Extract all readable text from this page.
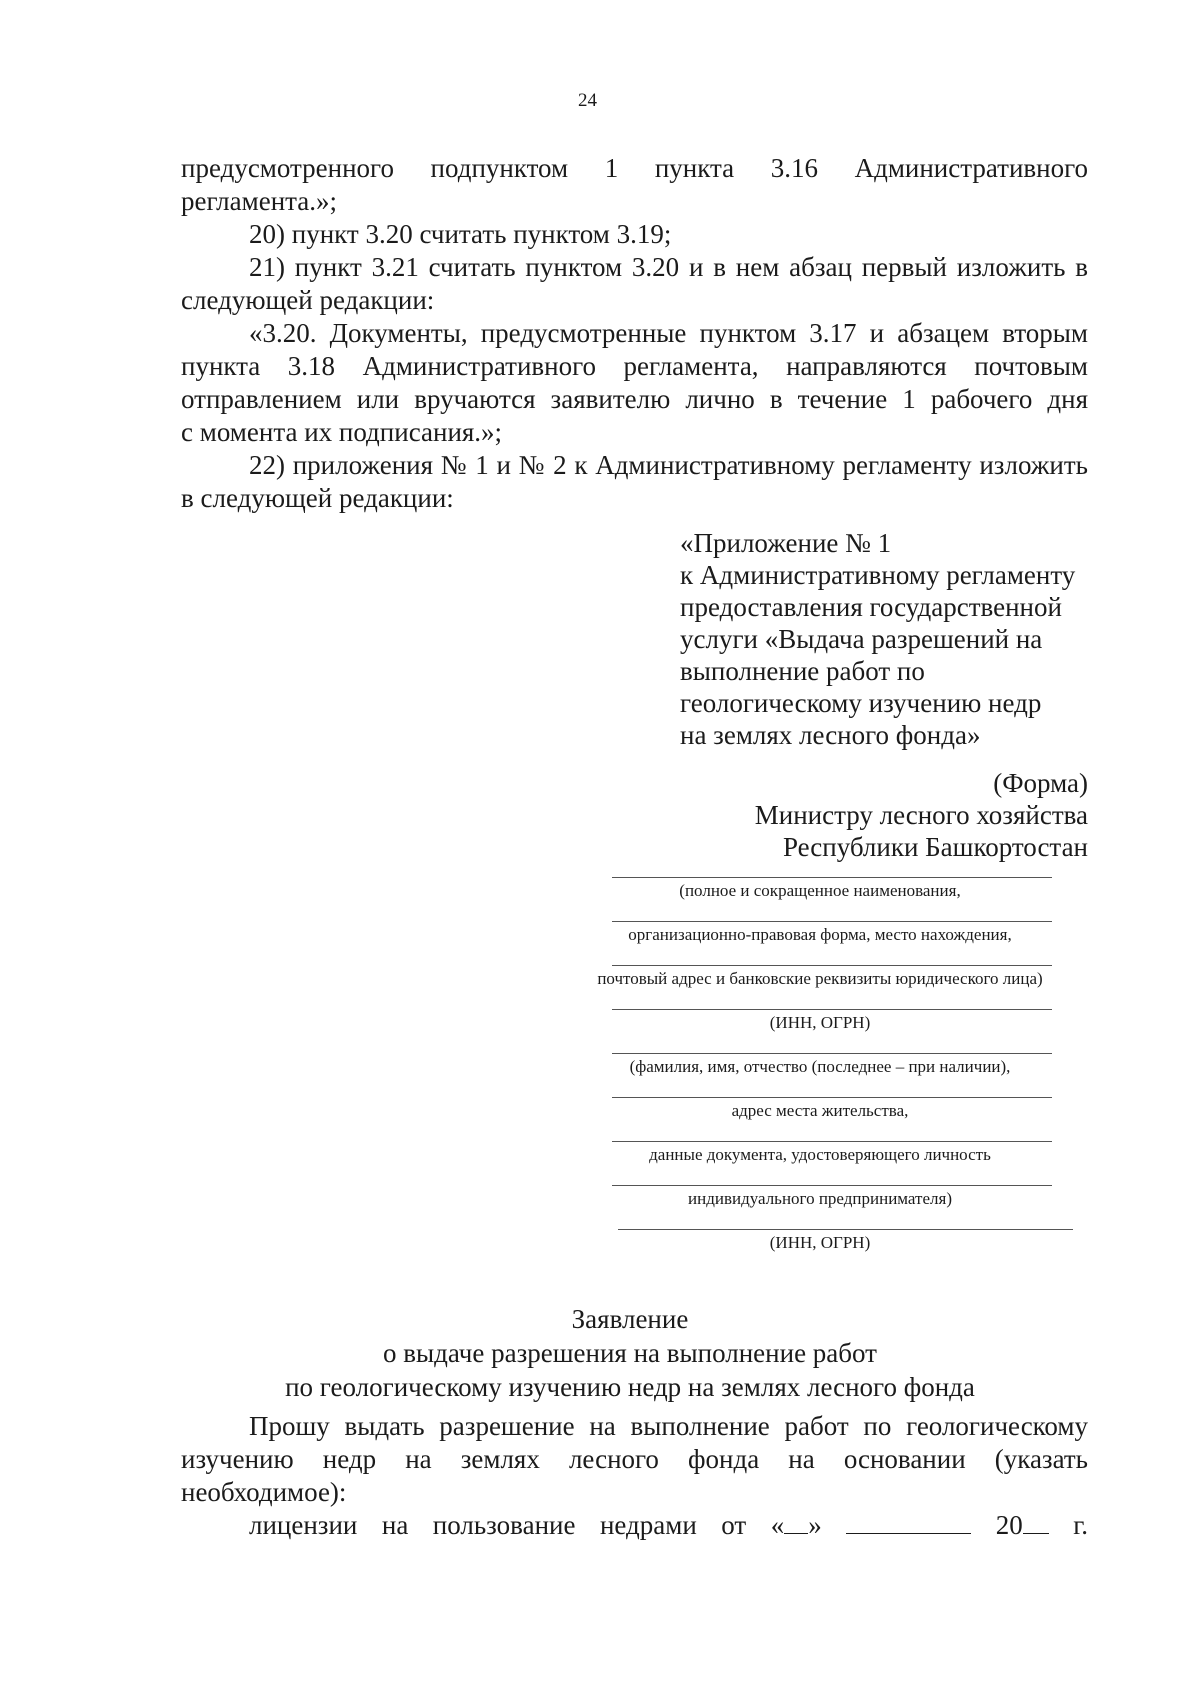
24

предусмотренного подпунктом 1 пункта 3.16 Административного

регламента.»;

20) пункт 3.20 считать пунктом 3.19;

21) пункт 3.21 считать пунктом 3.20 и в нем абзац первый изложить в

следующей редакции:

«3.20. Документы, предусмотренные пунктом 3.17 и абзацем вторым

пункта 3.18 Административного регламента, направляются почтовым

отправлением или вручаются заявителю лично в течение 1 рабочего дня

с момента их подписания.»;

22) приложения № 1 и № 2 к Административному регламенту изложить

в следующей редакции:

«Приложение № 1
к Административному регламенту
предоставления государственной
услуги «Выдача разрешений на
выполнение работ по
геологическому изучению недр
на землях лесного фонда»
(Форма)
Министру лесного хозяйства
Республики Башкортостан
(полное и сокращенное наименования,
организационно-правовая форма, место нахождения,
почтовый адрес и банковские реквизиты юридического лица)
(ИНН, ОГРН)
(фамилия, имя, отчество (последнее – при наличии),
адрес места жительства,
данные документа, удостоверяющего личность
индивидуального предпринимателя)
(ИНН, ОГРН)
Заявление
о выдаче разрешения на выполнение работ
по геологическому изучению недр на землях лесного фонда

Прошу выдать разрешение на выполнение работ по геологическому

изучению недр на землях лесного фонда на основании (указать

необходимое):

лицензии на пользование недрами от « »	20 г.
